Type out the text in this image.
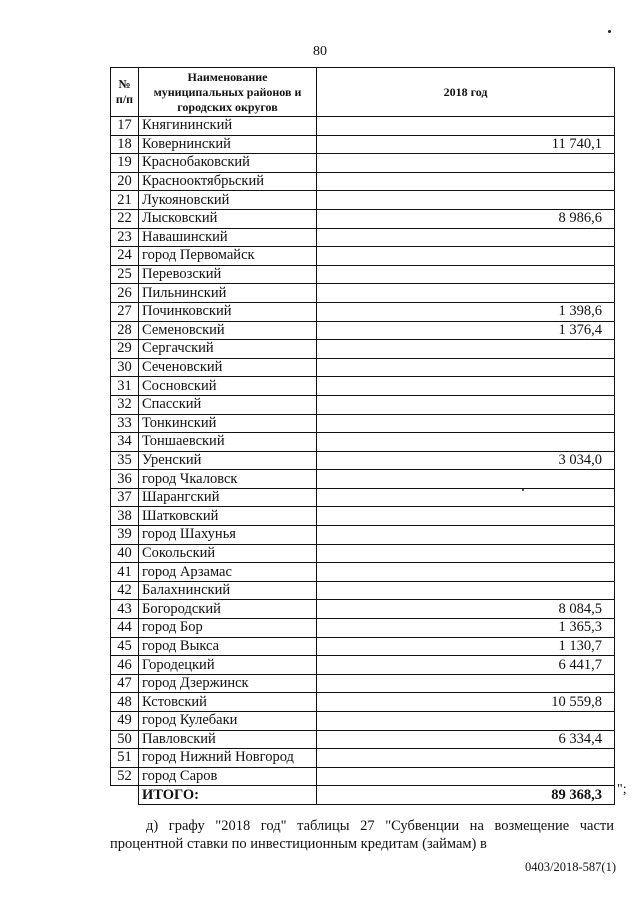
80
№ п/п	Наименование муниципальных районов и городских округов	2018 год
17	Княгининский	
18	Ковернинский	11 740,1
19	Краснобаковский	
20	Краснооктябрьский	
21	Лукояновский	
22	Лысковский	8 986,6
23	Навашинский	
24	город Первомайск	
25	Перевозский	
26	Пильнинский	
27	Починковский	1 398,6
28	Семеновский	1 376,4
29	Сергачский	
30	Сеченовский	
31	Сосновский	
32	Спасский	
33	Тонкинский	
34	Тоншаевский	
35	Уренский	3 034,0
36	город Чкаловск	
37	Шарангский	
38	Шатковский	
39	город Шахунья	
40	Сокольский	
41	город Арзамас	
42	Балахнинский	
43	Богородский	8 084,5
44	город Бор	1 365,3
45	город Выкса	1 130,7
46	Городецкий	6 441,7
47	город Дзержинск	
48	Кстовский	10 559,8
49	город Кулебаки	
50	Павловский	6 334,4
51	город Нижний Новгород	
52	город Саров	
	ИТОГО:	89 368,3 ";
д) графу "2018 год" таблицы 27 "Субвенции на возмещение части процентной ставки по инвестиционным кредитам (займам) в
0403/2018-587(1)
